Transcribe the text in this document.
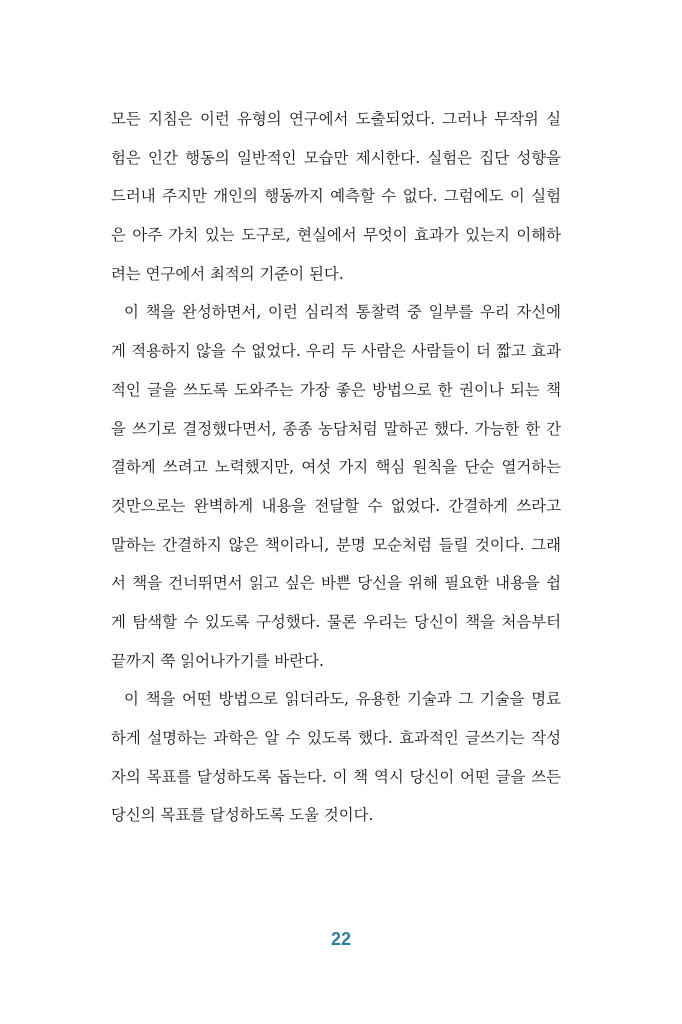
모든 지침은 이런 유형의 연구에서 도출되었다. 그러나 무작위 실
험은 인간 행동의 일반적인 모습만 제시한다. 실험은 집단 성향을
드러내 주지만 개인의 행동까지 예측할 수 없다. 그럼에도 이 실험
은 아주 가치 있는 도구로, 현실에서 무엇이 효과가 있는지 이해하
려는 연구에서 최적의 기준이 된다.
이 책을 완성하면서, 이런 심리적 통찰력 중 일부를 우리 자신에
게 적용하지 않을 수 없었다. 우리 두 사람은 사람들이 더 짧고 효과
적인 글을 쓰도록 도와주는 가장 좋은 방법으로 한 권이나 되는 책
을 쓰기로 결정했다면서, 종종 농담처럼 말하곤 했다. 가능한 한 간
결하게 쓰려고 노력했지만, 여섯 가지 핵심 원칙을 단순 열거하는
것만으로는 완벽하게 내용을 전달할 수 없었다. 간결하게 쓰라고
말하는 간결하지 않은 책이라니, 분명 모순처럼 들릴 것이다. 그래
서 책을 건너뛰면서 읽고 싶은 바쁜 당신을 위해 필요한 내용을 쉽
게 탐색할 수 있도록 구성했다. 물론 우리는 당신이 책을 처음부터
끝까지 쭉 읽어나가기를 바란다.
이 책을 어떤 방법으로 읽더라도, 유용한 기술과 그 기술을 명료
하게 설명하는 과학은 알 수 있도록 했다. 효과적인 글쓰기는 작성
자의 목표를 달성하도록 돕는다. 이 책 역시 당신이 어떤 글을 쓰든
당신의 목표를 달성하도록 도울 것이다.
22
